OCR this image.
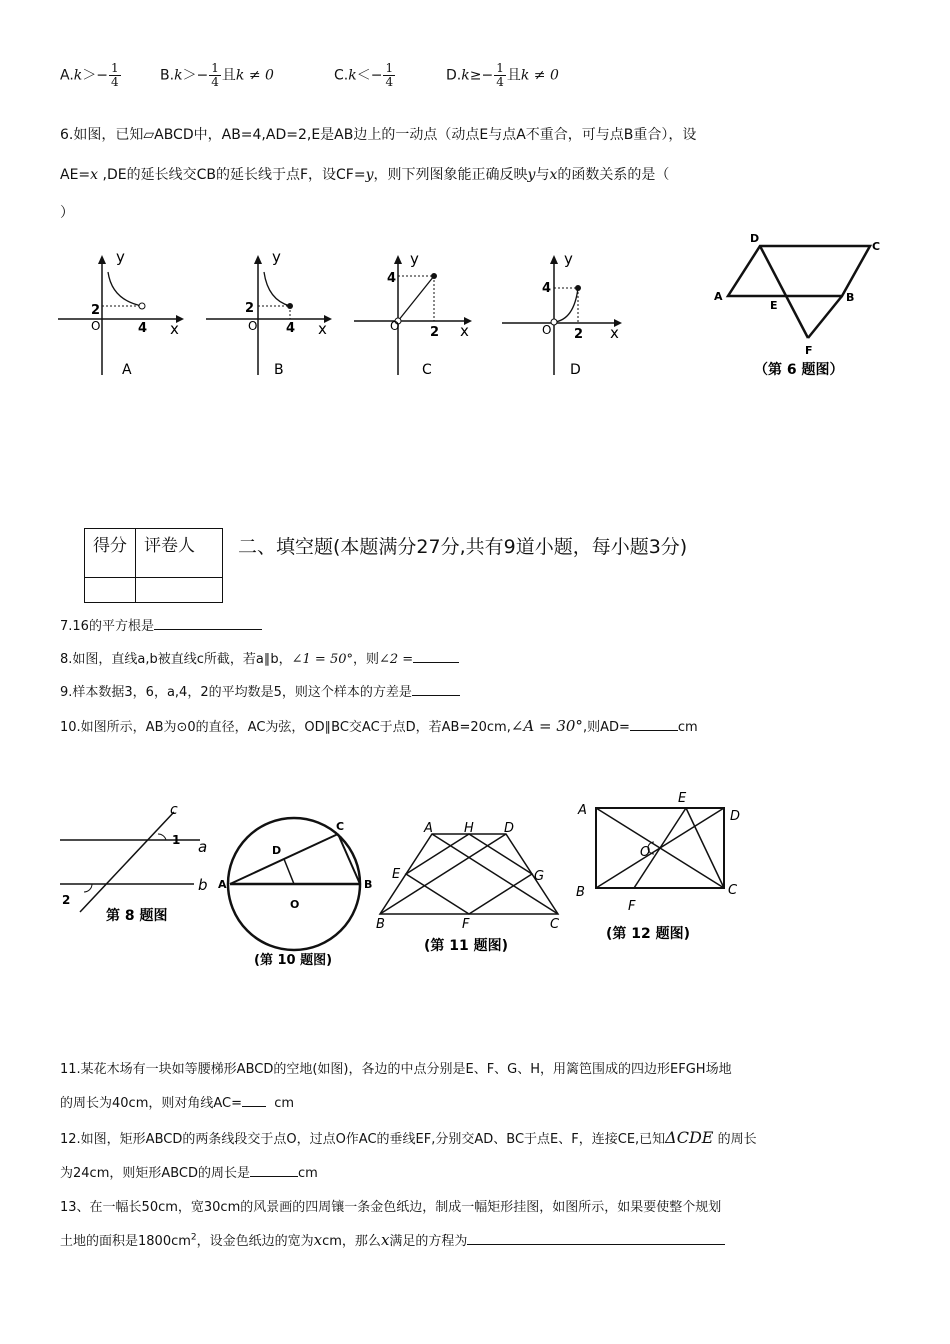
$A.k>- \frac{1}{4}$	$B.k>- \frac{1}{4}$ 且k ≠ 0	$C.k<- \frac{1}{4}$	$D.k\ge- \frac{1}{4}$ 且k ≠ 0
6.如图，已知▱ABCD中，AB=4,AD=2,E是AB边上的一动点（动点E与点A不重合，可与点B重合），设
AE=x ,DE的延长线交CB的延长线于点F，设CF=y，则下列图象能正确反映y与x的函数关系的是（
）
y
x
O
2
4
A
y
x
O
2
4
B
y
x
O
4
2
C
y
x
O
4
2
D
D
C
A
E
B
F
（第 6 题图）
得分	评卷人
	二、填空题(本题满分27分,共有9道小题，每小题3分)
7.16的平方根是
8.如图，直线a,b被直线c所截，若a∥b，∠1 = 50°，则∠2 =
9.样本数据3，6，a,4，2的平均数是5，则这个样本的方差是
10.如图所示，AB为⊙0的直径，AC为弦，OD∥BC交AC于点D，若AB=20cm,∠A = 30°,则AD=	cm
c
a
b
1
2
第 8 题图
C
D
A	B
O
(第 10 题图)
A H D
E	G
B	F	C
(第 11 题图)
A
E
D
O
B
F
C
(第 12 题图)
11.某花木场有一块如等腰梯形ABCD的空地(如图)，各边的中点分别是E、F、G、H，用篱笆围成的四边形EFGH场地
的周长为40cm，则对角线AC= cm
12.如图，矩形ABCD的两条线段交于点O，过点O作AC的垂线EF,分别交AD、BC于点E、F，连接CE,已知ΔCDE 的周长
为24cm，则矩形ABCD的周长是	cm
13、在一幅长50cm，宽30cm的风景画的四周镶一条金色纸边，制成一幅矩形挂图，如图所示，如果要使整个规划
土地的面积是$1800cm^2$，设金色纸边的宽为xcm，那么x满足的方程为
